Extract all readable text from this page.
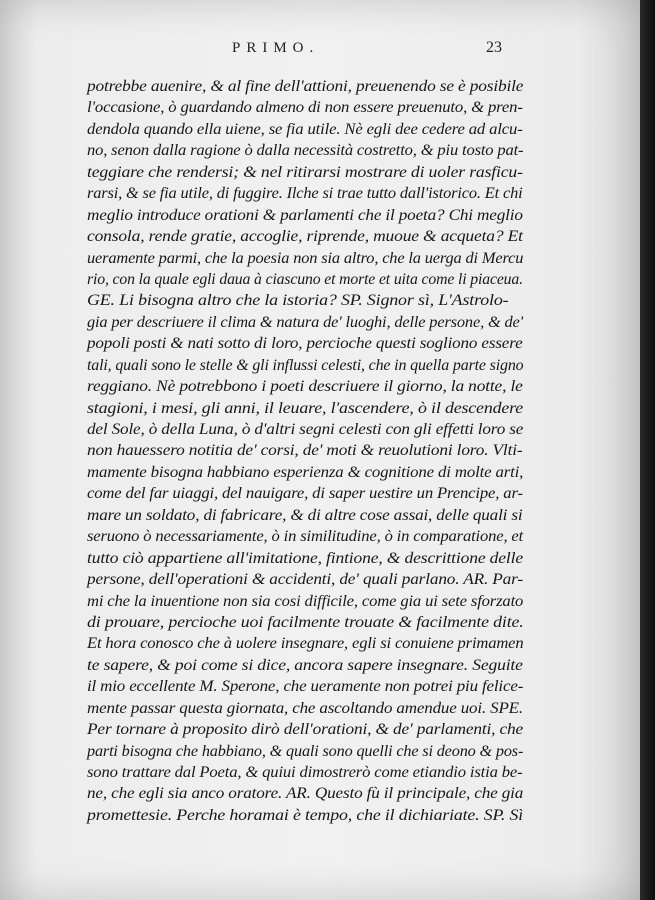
PRIMO.	23
potrebbe auenire, & al fine dell'attioni, preuenendo se è posibile
l'occasione, ò guardando almeno di non essere preuenuto, & pren-
dendola quando ella uiene, se fia utile. Nè egli dee cedere ad alcu-
no, senon dalla ragione ò dalla necessità costretto, & piu tosto pat-
teggiare che rendersi; & nel ritirarsi mostrare di uoler rasficu-
rarsi, & se fia utile, di fuggire. Ilche si trae tutto dall'istorico. Et chi
meglio introduce orationi & parlamenti che il poeta? Chi meglio
consola, rende gratie, accoglie, riprende, muoue & acqueta? Et
ueramente parmi, che la poesia non sia altro, che la uerga di Mercu
rio, con la quale egli daua à ciascuno et morte et uita come li piaceua.
GE. Li bisogna altro che la istoria? SP. Signor sì, L'Astrolo-
gia per descriuere il clima & natura de' luoghi, delle persone, & de'
popoli posti & nati sotto di loro, percioche questi sogliono essere
tali, quali sono le stelle & gli influssi celesti, che in quella parte signo
reggiano. Nè potrebbono i poeti descriuere il giorno, la notte, le
stagioni, i mesi, gli anni, il leuare, l'ascendere, ò il descendere
del Sole, ò della Luna, ò d'altri segni celesti con gli effetti loro se
non hauessero notitia de' corsi, de' moti & reuolutioni loro. Vlti-
mamente bisogna habbiano esperienza & cognitione di molte arti,
come del far uiaggi, del nauigare, di saper uestire un Prencipe, ar-
mare un soldato, di fabricare, & di altre cose assai, delle quali si
seruono ò necessariamente, ò in similitudine, ò in comparatione, et
tutto ciò appartiene all'imitatione, fintione, & descrittione delle
persone, dell'operationi & accidenti, de' quali parlano. AR. Par-
mi che la inuentione non sia cosi difficile, come gia ui sete sforzato
di prouare, percioche uoi facilmente trouate & facilmente dite.
Et hora conosco che à uolere insegnare, egli si conuiene primamen
te sapere, & poi come si dice, ancora sapere insegnare. Seguite
il mio eccellente M. Sperone, che ueramente non potrei piu felice-
mente passar questa giornata, che ascoltando amendue uoi. SPE.
Per tornare à proposito dirò dell'orationi, & de' parlamenti, che
parti bisogna che habbiano, & quali sono quelli che si deono & pos-
sono trattare dal Poeta, & quiui dimostrerò come etiandio istia be-
ne, che egli sia anco oratore. AR. Questo fù il principale, che gia
promettesie. Perche horamai è tempo, che il dichiariate. SP. Sì
